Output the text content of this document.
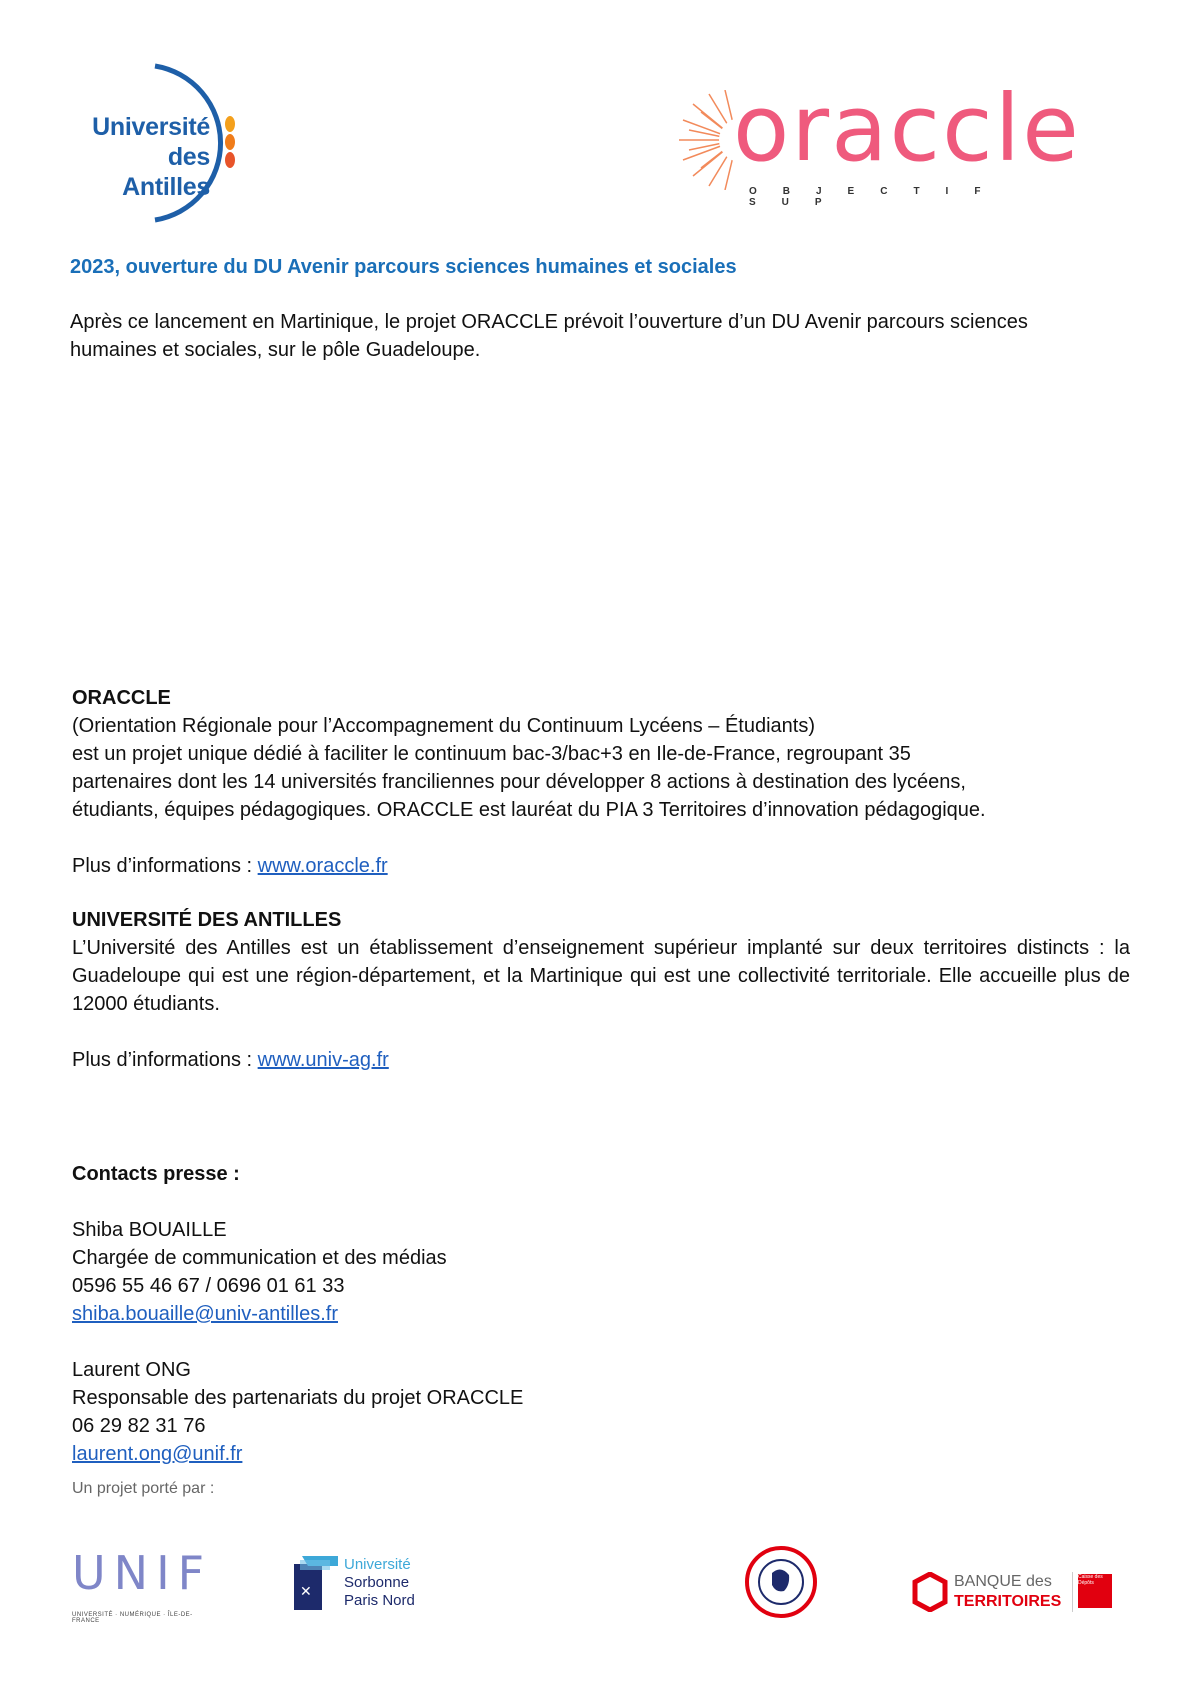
Université
des Antilles
oraccle
OBJECTIF SUP
2023, ouverture du DU Avenir parcours sciences humaines et sociales
Après ce lancement en Martinique, le projet ORACCLE prévoit l’ouverture d’un DU Avenir parcours sciences
humaines et sociales, sur le pôle Guadeloupe.
ORACCLE
(Orientation Régionale pour l’Accompagnement du Continuum Lycéens – Étudiants)
est un projet unique dédié à faciliter le continuum bac-3/bac+3 en Ile-de-France, regroupant 35
partenaires dont les 14 universités franciliennes pour développer 8 actions à destination des lycéens,
étudiants, équipes pédagogiques. ORACCLE est lauréat du PIA 3 Territoires d’innovation pédagogique.
Plus d’informations : www.oraccle.fr
UNIVERSITÉ DES ANTILLES
L’Université des Antilles est un établissement d’enseignement supérieur implanté sur deux territoires distincts : la Guadeloupe qui est une région-département, et la Martinique qui est une collectivité territoriale. Elle accueille plus de 12000 étudiants.
Plus d’informations : www.univ-ag.fr
Contacts presse :
Shiba BOUAILLE
Chargée de communication et des médias
0596 55 46 67 / 0696 01 61 33
shiba.bouaille@univ-antilles.fr
Laurent ONG
Responsable des partenariats du projet ORACCLE
06 29 82 31 76
laurent.ong@unif.fr
Un projet porté par :
UNIF
UNIVERSITÉ · NUMÉRIQUE · ÎLE-DE-FRANCE
✕
Université
Sorbonne
Paris Nord
BANQUE des
TERRITOIRES
Caisse des Dépôts
